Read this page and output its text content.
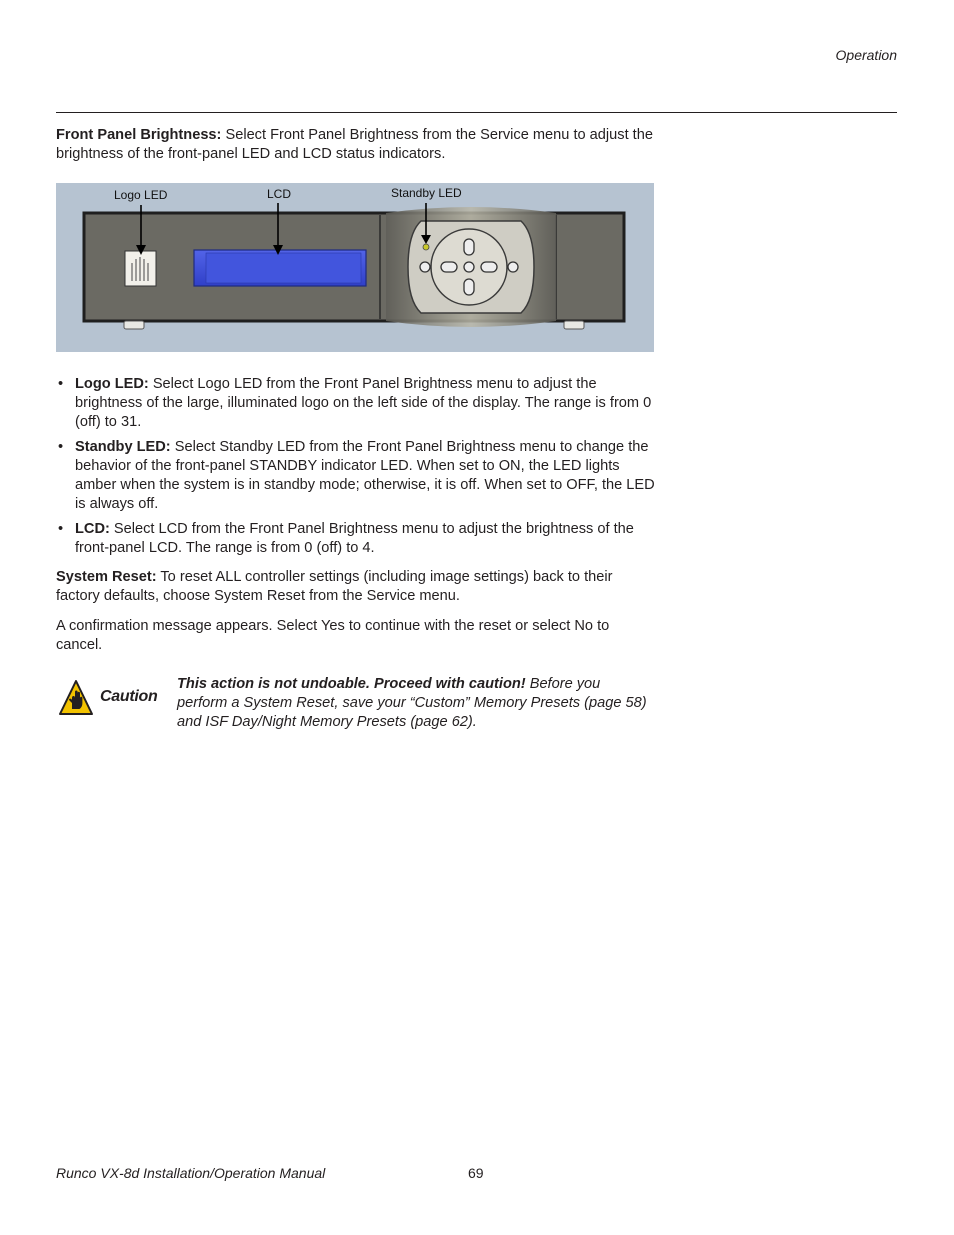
Operation

Front Panel Brightness: Select Front Panel Brightness from the Service menu to adjust the brightness of the front-panel LED and LCD status indicators.

Logo LED	LCD	Standby LED
• Logo LED: Select Logo LED from the Front Panel Brightness menu to adjust the brightness of the large, illuminated logo on the left side of the display. The range is from 0 (off) to 31.
• Standby LED: Select Standby LED from the Front Panel Brightness menu to change the behavior of the front-panel STANDBY indicator LED. When set to ON, the LED lights amber when the system is in standby mode; otherwise, it is off. When set to OFF, the LED is always off.
• LCD: Select LCD from the Front Panel Brightness menu to adjust the brightness of the front-panel LCD. The range is from 0 (off) to 4.

System Reset: To reset ALL controller settings (including image settings) back to their factory defaults, choose System Reset from the Service menu.

A confirmation message appears. Select Yes to continue with the reset or select No to cancel.

Caution

This action is not undoable. Proceed with caution! Before you perform a System Reset, save your “Custom” Memory Presets (page 58) and ISF Day/Night Memory Presets (page 62).

Runco VX-8d Installation/Operation Manual	69
